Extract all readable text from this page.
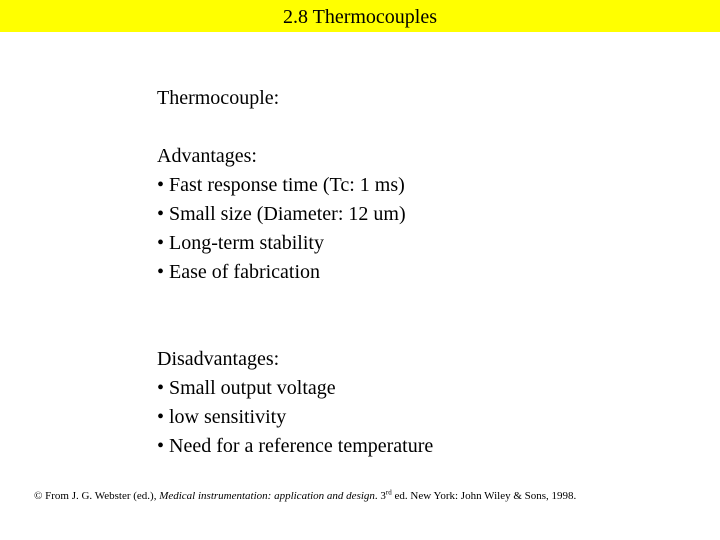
2.8 Thermocouples
Thermocouple:
Advantages:
• Fast response time (Tc: 1 ms)
• Small size (Diameter: 12 um)
• Long-term stability
• Ease of fabrication
Disadvantages:
• Small output voltage
• low sensitivity
• Need for a reference temperature
© From J. G. Webster (ed.), Medical instrumentation: application and design. 3rd ed. New York: John Wiley & Sons, 1998.
